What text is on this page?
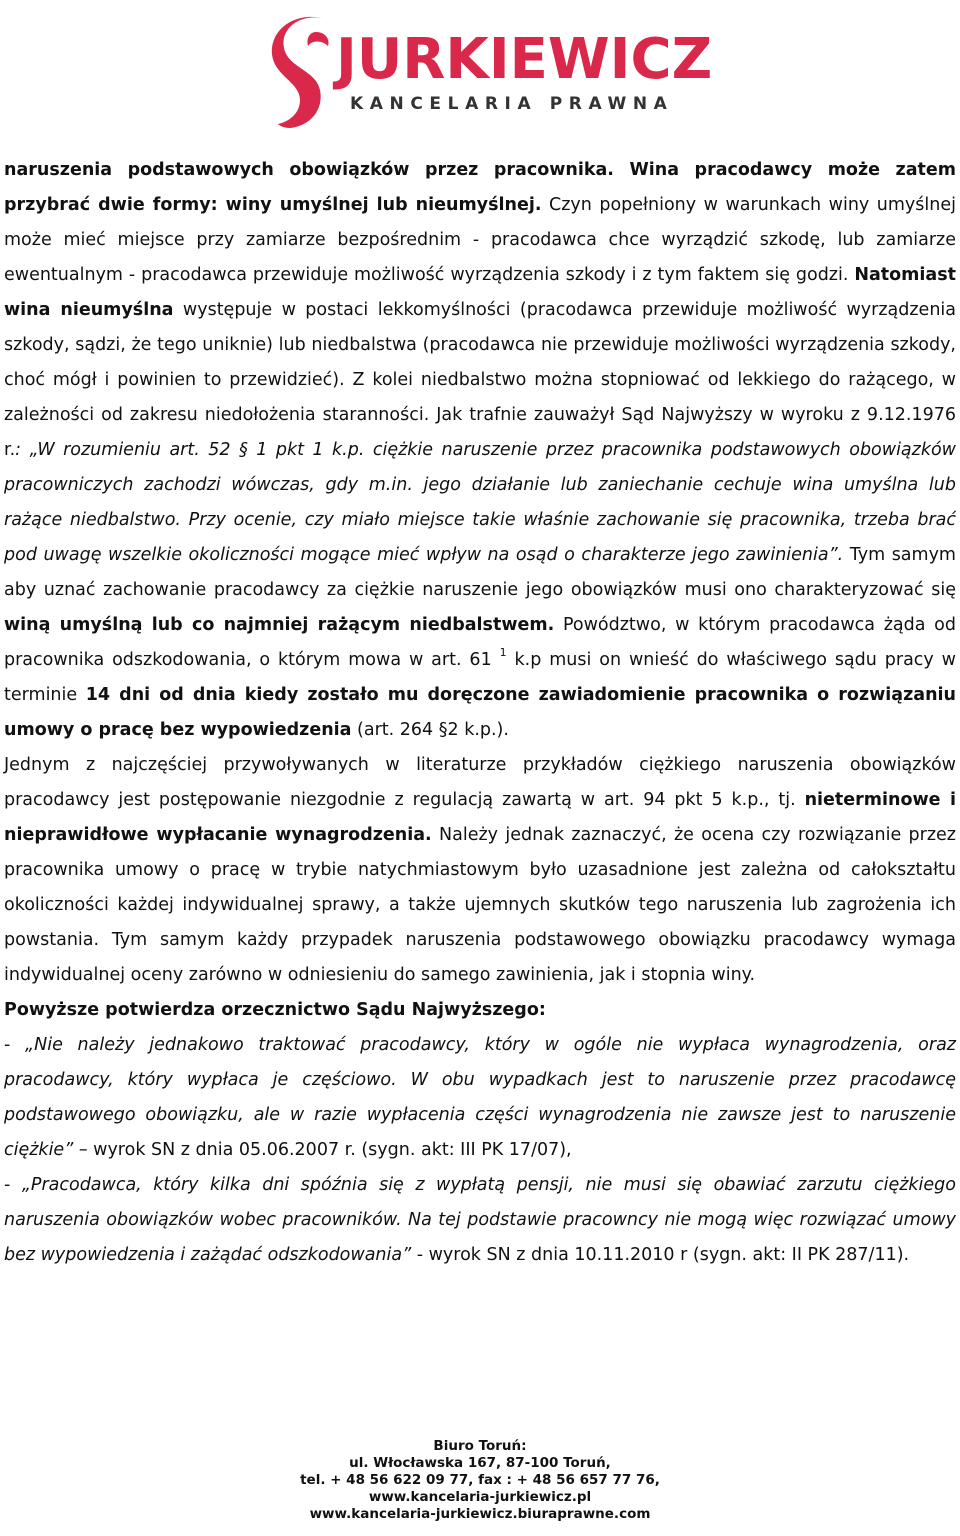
JURKIEWICZ
KANCELARIA PRAWNA

naruszenia podstawowych obowiązków przez pracownika. Wina pracodawcy może zatem przybrać dwie formy: winy umyślnej lub nieumyślnej. Czyn popełniony w warunkach winy umyślnej może mieć miejsce przy zamiarze bezpośrednim - pracodawca chce wyrządzić szkodę, lub zamiarze ewentualnym - pracodawca przewiduje możliwość wyrządzenia szkody i z tym faktem się godzi. Natomiast wina nieumyślna występuje w postaci lekkomyślności (pracodawca przewiduje możliwość wyrządzenia szkody, sądzi, że tego uniknie) lub niedbalstwa (pracodawca nie przewiduje możliwości wyrządzenia szkody, choć mógł i powinien to przewidzieć). Z kolei niedbalstwo można stopniować od lekkiego do rażącego, w zależności od zakresu niedołożenia staranności. Jak trafnie zauważył Sąd Najwyższy w wyroku z 9.12.1976 r.: „W rozumieniu art. 52 § 1 pkt 1 k.p. ciężkie naruszenie przez pracownika podstawowych obowiązków pracowniczych zachodzi wówczas, gdy m.in. jego działanie lub zaniechanie cechuje wina umyślna lub rażące niedbalstwo. Przy ocenie, czy miało miejsce takie właśnie zachowanie się pracownika, trzeba brać pod uwagę wszelkie okoliczności mogące mieć wpływ na osąd o charakterze jego zawinienia”. Tym samym aby uznać zachowanie pracodawcy za ciężkie naruszenie jego obowiązków musi ono charakteryzować się winą umyślną lub co najmniej rażącym niedbalstwem. Powództwo, w którym pracodawca żąda od pracownika odszkodowania, o którym mowa w art. 61 $^1$ k.p musi on wnieść do właściwego sądu pracy w terminie 14 dni od dnia kiedy zostało mu doręczone zawiadomienie pracownika o rozwiązaniu umowy o pracę bez wypowiedzenia (art. 264 §2 k.p.).

Jednym z najczęściej przywoływanych w literaturze przykładów ciężkiego naruszenia obowiązków pracodawcy jest postępowanie niezgodnie z regulacją zawartą w art. 94 pkt 5 k.p., tj. nieterminowe i nieprawidłowe wypłacanie wynagrodzenia. Należy jednak zaznaczyć, że ocena czy rozwiązanie przez pracownika umowy o pracę w trybie natychmiastowym było uzasadnione jest zależna od całokształtu okoliczności każdej indywidualnej sprawy, a także ujemnych skutków tego naruszenia lub zagrożenia ich powstania. Tym samym każdy przypadek naruszenia podstawowego obowiązku pracodawcy wymaga indywidualnej oceny zarówno w odniesieniu do samego zawinienia, jak i stopnia winy.

Powyższe potwierdza orzecznictwo Sądu Najwyższego:

- „Nie należy jednakowo traktować pracodawcy, który w ogóle nie wypłaca wynagrodzenia, oraz pracodawcy, który wypłaca je częściowo. W obu wypadkach jest to naruszenie przez pracodawcę podstawowego obowiązku, ale w razie wypłacenia części wynagrodzenia nie zawsze jest to naruszenie ciężkie” – wyrok SN z dnia 05.06.2007 r. (sygn. akt: III PK 17/07),

- „Pracodawca, który kilka dni spóźnia się z wypłatą pensji, nie musi się obawiać zarzutu ciężkiego naruszenia obowiązków wobec pracowników. Na tej podstawie pracowncy nie mogą więc rozwiązać umowy bez wypowiedzenia i zażądać odszkodowania” - wyrok SN z dnia 10.11.2010 r (sygn. akt: II PK 287/11).

Biuro Toruń:
ul. Włocławska 167, 87-100 Toruń,
tel. + 48 56 622 09 77, fax : + 48 56 657 77 76,
www.kancelaria-jurkiewicz.pl
www.kancelaria-jurkiewicz.biuraprawne.com
